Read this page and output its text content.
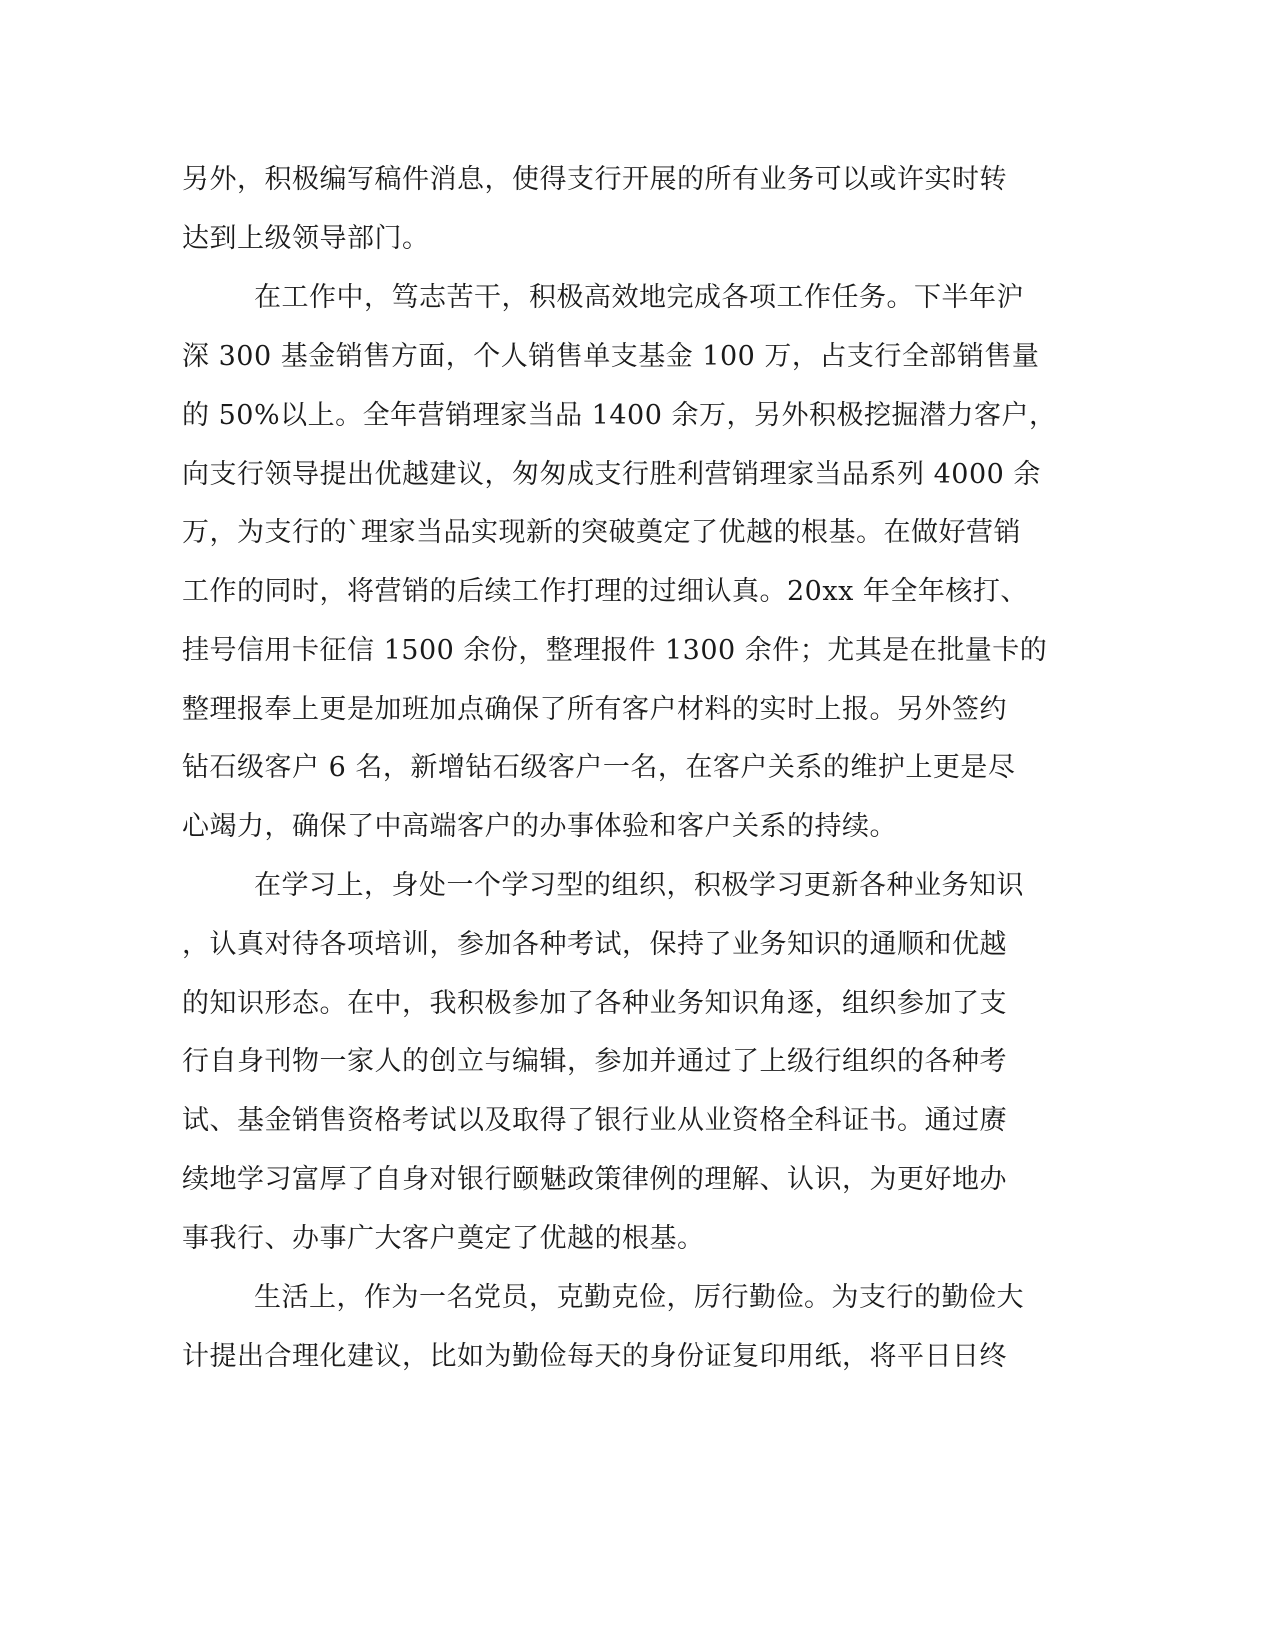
另外，积极编写稿件消息，使得支行开展的所有业务可以或许实时转
达到上级领导部门。
在工作中，笃志苦干，积极高效地完成各项工作任务。下半年沪
深 300 基金销售方面，个人销售单支基金 100 万，占支行全部销售量
的 50%以上。全年营销理家当品 1400 余万，另外积极挖掘潜力客户，
向支行领导提出优越建议，匆匆成支行胜利营销理家当品系列 4000 余
万，为支行的`理家当品实现新的突破奠定了优越的根基。在做好营销
工作的同时，将营销的后续工作打理的过细认真。20xx 年全年核打、
挂号信用卡征信 1500 余份，整理报件 1300 余件；尤其是在批量卡的
整理报奉上更是加班加点确保了所有客户材料的实时上报。另外签约
钻石级客户 6 名，新增钻石级客户一名，在客户关系的维护上更是尽
心竭力，确保了中高端客户的办事体验和客户关系的持续。
在学习上，身处一个学习型的组织，积极学习更新各种业务知识
，认真对待各项培训，参加各种考试，保持了业务知识的通顺和优越
的知识形态。在中，我积极参加了各种业务知识角逐，组织参加了支
行自身刊物一家人的创立与编辑，参加并通过了上级行组织的各种考
试、基金销售资格考试以及取得了银行业从业资格全科证书。通过赓
续地学习富厚了自身对银行颐魅政策律例的理解、认识，为更好地办
事我行、办事广大客户奠定了优越的根基。
生活上，作为一名党员，克勤克俭，厉行勤俭。为支行的勤俭大
计提出合理化建议，比如为勤俭每天的身份证复印用纸，将平日日终
